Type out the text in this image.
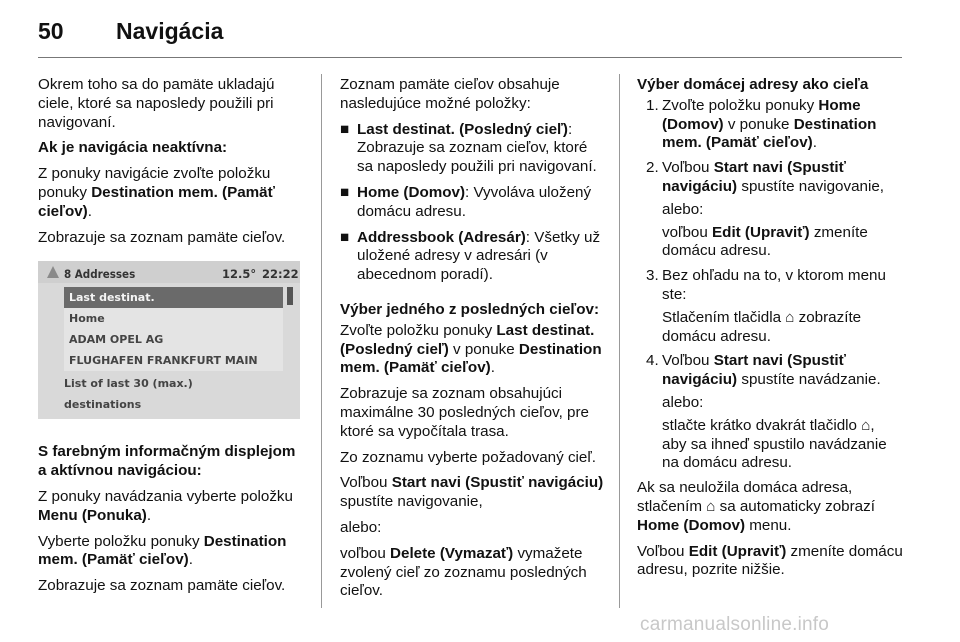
50	Navigácia

Okrem toho sa do pamäte ukladajú ciele, ktoré sa naposledy použili pri navigovaní.

Ak je navigácia neaktívna:

Z ponuky navigácie zvoľte položku ponuky Destination mem. (Pamäť cieľov).

Zobrazuje sa zoznam pamäte cieľov.

8 Addresses	12.5° 22:22
Last destinat.
Home
ADAM OPEL AG
FLUGHAFEN FRANKFURT MAIN
List of last 30 (max.)
destinations

S farebným informačným displejom a aktívnou navigáciou:

Z ponuky navádzania vyberte položku Menu (Ponuka).

Vyberte položku ponuky Destination mem. (Pamäť cieľov).

Zobrazuje sa zoznam pamäte cieľov.

Zoznam pamäte cieľov obsahuje nasledujúce možné položky:

■ Last destinat. (Posledný cieľ): Zobrazuje sa zoznam cieľov, ktoré sa naposledy použili pri navigovaní.
■ Home (Domov): Vyvoláva uložený domácu adresu.
■ Addressbook (Adresár): Všetky už uložené adresy v adresári (v abecednom poradí).

Výber jedného z posledných cieľov:

Zvoľte položku ponuky Last destinat. (Posledný cieľ) v ponuke Destination mem. (Pamäť cieľov).

Zobrazuje sa zoznam obsahujúci maximálne 30 posledných cieľov, pre ktoré sa vypočítala trasa.

Zo zoznamu vyberte požadovaný cieľ.

Voľbou Start navi (Spustiť navigáciu) spustíte navigovanie,

alebo:

voľbou Delete (Vymazať) vymažete zvolený cieľ zo zoznamu posledných cieľov.

Výber domácej adresy ako cieľa

1. Zvoľte položku ponuky Home (Domov) v ponuke Destination mem. (Pamäť cieľov).

2. Voľbou Start navi (Spustiť navigáciu) spustíte navigovanie,

alebo:

voľbou Edit (Upraviť) zmeníte domácu adresu.

3. Bez ohľadu na to, v ktorom menu ste:

Stlačením tlačidla ⌂ zobrazíte domácu adresu.

4. Voľbou Start navi (Spustiť navigáciu) spustíte navádzanie.

alebo:

stlačte krátko dvakrát tlačidlo ⌂, aby sa ihneď spustilo navádzanie na domácu adresu.

Ak sa neuložila domáca adresa, stlačením ⌂ sa automaticky zobrazí Home (Domov) menu.

Voľbou Edit (Upraviť) zmeníte domácu adresu, pozrite nižšie.

carmanualsonline.info
